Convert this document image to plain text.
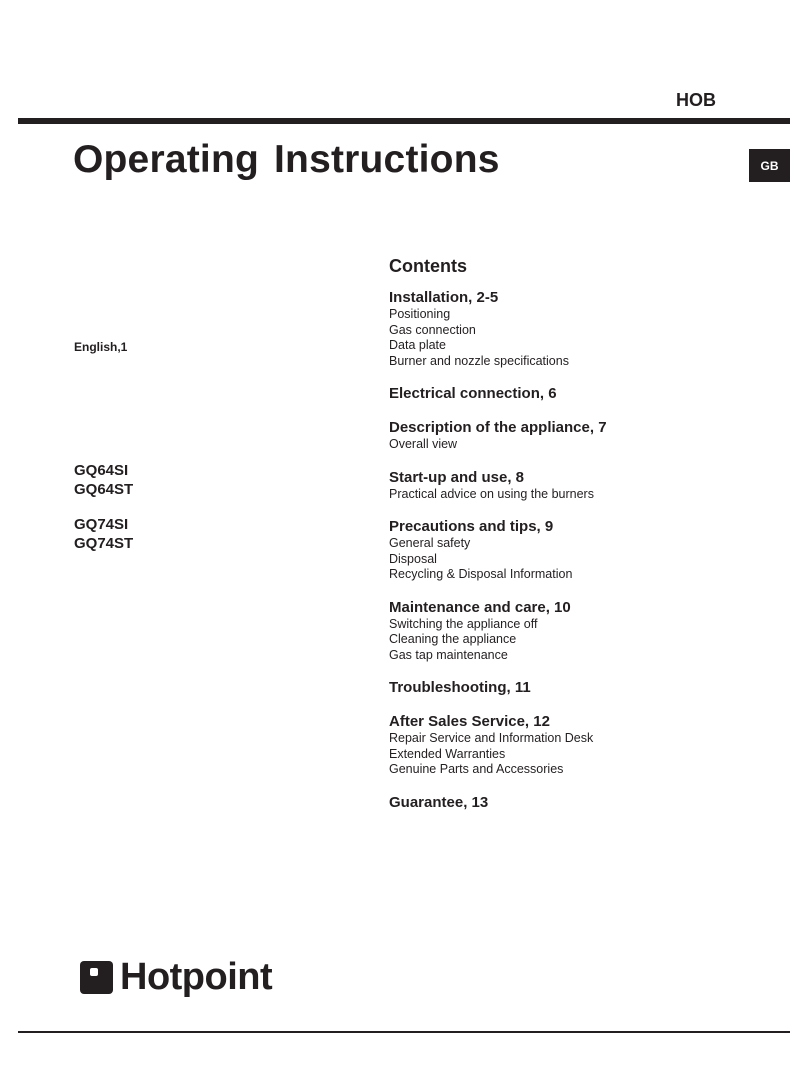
HOB
Operating Instructions	GB
English,1
GQ64SI
GQ64ST
GQ74SI
GQ74ST
Contents
Installation, 2-5
Positioning
Gas connection
Data plate
Burner and nozzle specifications
Electrical connection, 6
Description of the appliance, 7
Overall view
Start-up and use, 8
Practical advice on using the burners
Precautions and tips, 9
General safety
Disposal
Recycling & Disposal Information
Maintenance and care, 10
Switching the appliance off
Cleaning the appliance
Gas tap maintenance
Troubleshooting, 11
After Sales Service, 12
Repair Service and Information Desk
Extended Warranties
Genuine Parts and Accessories
Guarantee, 13
Hotpoint
